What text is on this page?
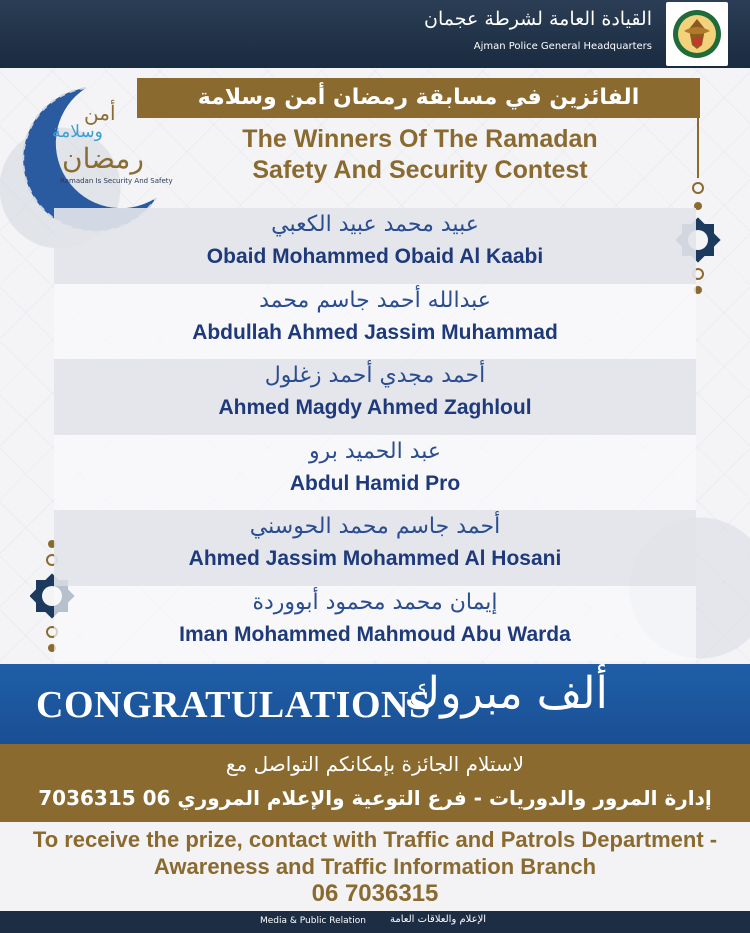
القيادة العامة لشرطة عجمان
Ajman Police General Headquarters
أمن
وسلامة
رمضان
Ramadan Is Security And Safety
الفائزين في مسابقة رمضان أمن وسلامة
The Winners Of The Ramadan
Safety And Security Contest
عبيد محمد عبيد الكعبي
Obaid Mohammed Obaid Al Kaabi
عبدالله أحمد جاسم محمد
Abdullah Ahmed Jassim Muhammad
أحمد مجدي أحمد زغلول
Ahmed Magdy Ahmed Zaghloul
عبد الحميد برو
Abdul Hamid Pro
أحمد جاسم محمد الحوسني
Ahmed Jassim Mohammed Al Hosani
إيمان محمد محمود أبووردة
Iman Mohammed Mahmoud Abu Warda
CONGRATULATIONS
ألف مبروك
لاستلام الجائزة بإمكانكم التواصل مع
إدارة المرور والدوريات - فرع التوعية والإعلام المروري 06 7036315
To receive the prize, contact with Traffic and Patrols Department -
Awareness and Traffic Information Branch
06 7036315
Media & Public Relation الإعلام والعلاقات العامة
